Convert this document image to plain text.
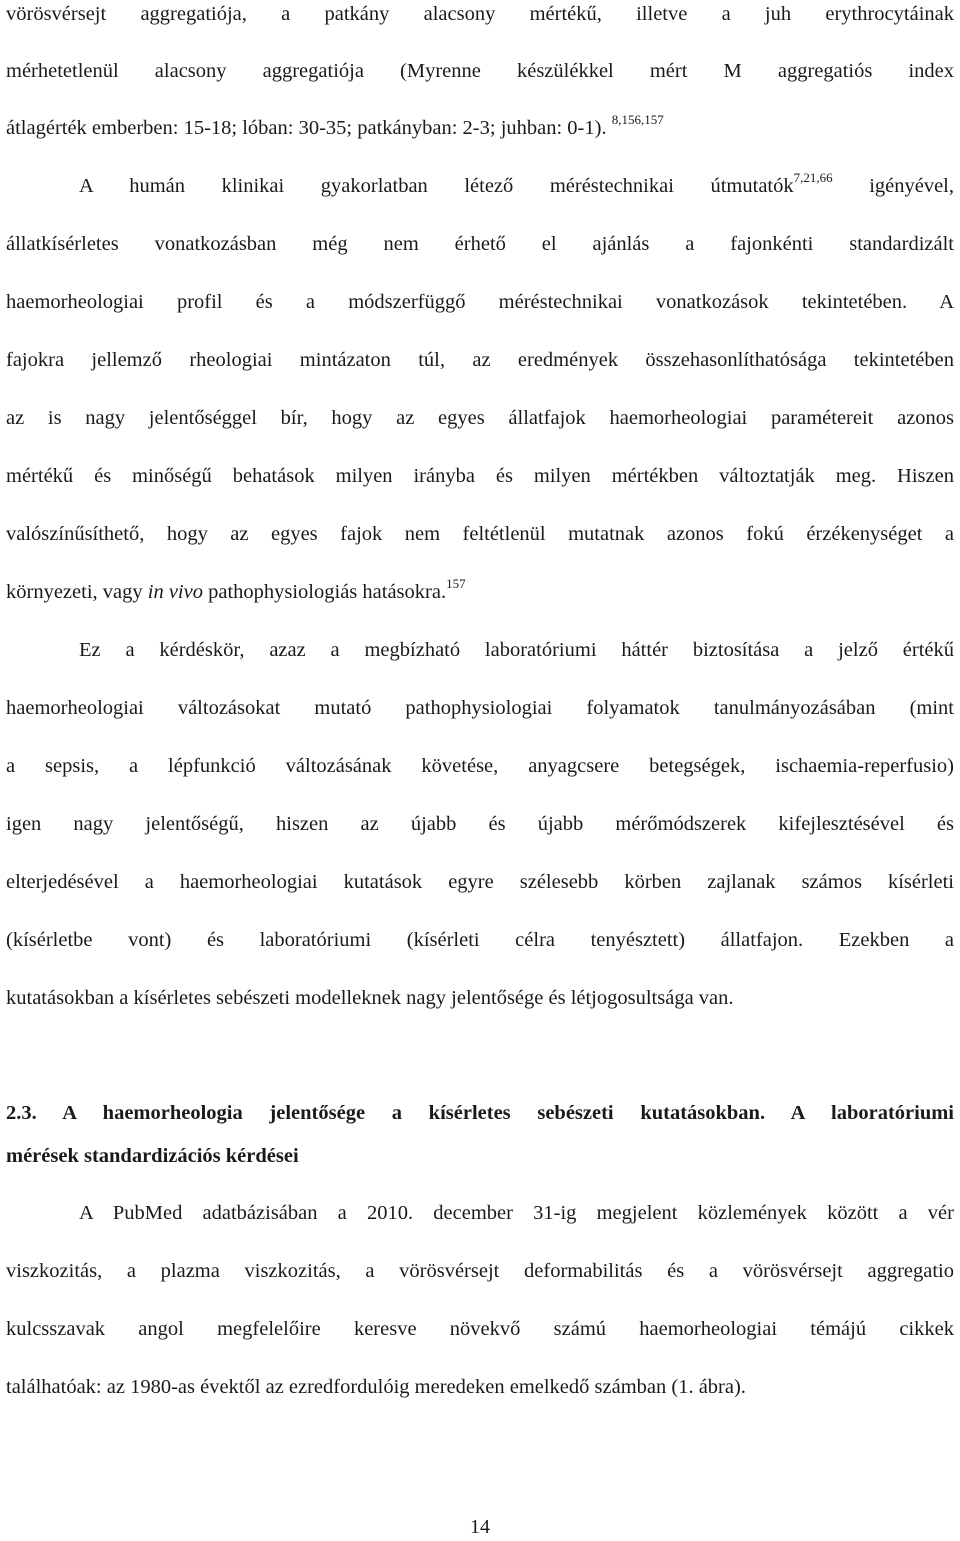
vörösvérsejt aggregatiója, a patkány alacsony mértékű, illetve a juh erythrocytáinak
mérhetetlenül alacsony aggregatiója (Myrenne készülékkel mért M aggregatiós index
átlagérték emberben: 15-18; lóban: 30-35; patkányban: 2-3; juhban: 0-1). $^{8,156,157}$
A humán klinikai gyakorlatban létező méréstechnikai útmutatók$^{7,21,66}$ igényével,
állatkísérletes vonatkozásban még nem érhető el ajánlás a fajonkénti standardizált
haemorheologiai profil és a módszerfüggő méréstechnikai vonatkozások tekintetében. A
fajokra jellemző rheologiai mintázaton túl, az eredmények összehasonlíthatósága tekintetében
az is nagy jelentőséggel bír, hogy az egyes állatfajok haemorheologiai paramétereit azonos
mértékű és minőségű behatások milyen irányba és milyen mértékben változtatják meg. Hiszen
valószínűsíthető, hogy az egyes fajok nem feltétlenül mutatnak azonos fokú érzékenységet a
környezeti, vagy in vivo pathophysiologiás hatásokra.$^{157}$
Ez a kérdéskör, azaz a megbízható laboratóriumi háttér biztosítása a jelző értékű
haemorheologiai változásokat mutató pathophysiologiai folyamatok tanulmányozásában (mint
a sepsis, a lépfunkció változásának követése, anyagcsere betegségek, ischaemia-reperfusio)
igen nagy jelentőségű, hiszen az újabb és újabb mérőmódszerek kifejlesztésével és
elterjedésével a haemorheologiai kutatások egyre szélesebb körben zajlanak számos kísérleti
(kísérletbe vont) és laboratóriumi (kísérleti célra tenyésztett) állatfajon. Ezekben a
kutatásokban a kísérletes sebészeti modelleknek nagy jelentősége és létjogosultsága van.
2.3. A haemorheologia jelentősége a kísérletes sebészeti kutatásokban. A laboratóriumi
mérések standardizációs kérdései
A PubMed adatbázisában a 2010. december 31-ig megjelent közlemények között a vér
viszkozitás, a plazma viszkozitás, a vörösvérsejt deformabilitás és a vörösvérsejt aggregatio
kulcsszavak angol megfelelőire keresve növekvő számú haemorheologiai témájú cikkek
találhatóak: az 1980-as évektől az ezredfordulóig meredeken emelkedő számban (1. ábra).
14
